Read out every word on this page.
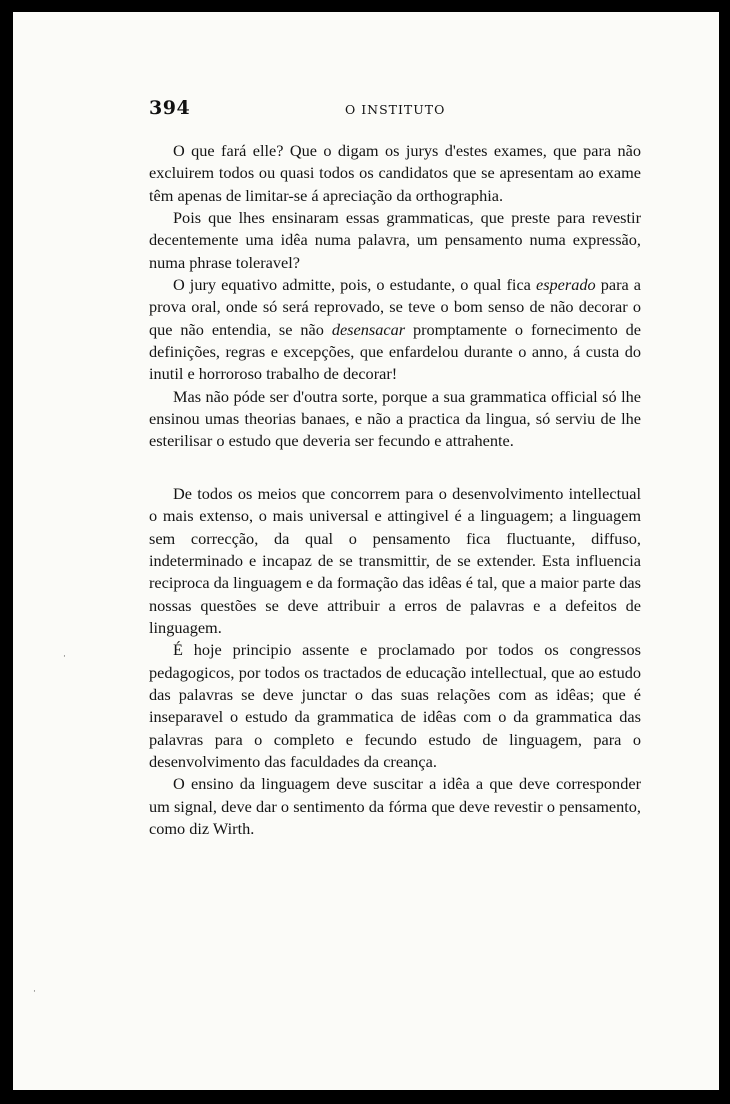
394	O INSTITUTO

O que fará elle? Que o digam os jurys d'estes exames, que para não excluirem todos ou quasi todos os candidatos que se apresentam ao exame têm apenas de limitar-se á apreciação da orthographia.

Pois que lhes ensinaram essas grammaticas, que preste para revestir decentemente uma idêa numa palavra, um pensamento numa expressão, numa phrase toleravel?

O jury equativo admitte, pois, o estudante, o qual fica esperado para a prova oral, onde só será reprovado, se teve o bom senso de não decorar o que não entendia, se não desensacar promptamente o fornecimento de definições, regras e excepções, que enfardelou durante o anno, á custa do inutil e horroroso trabalho de decorar!

Mas não póde ser d'outra sorte, porque a sua grammatica official só lhe ensinou umas theorias banaes, e não a practica da lingua, só serviu de lhe esterilisar o estudo que deveria ser fecundo e attrahente.

De todos os meios que concorrem para o desenvolvimento intellectual o mais extenso, o mais universal e attingivel é a linguagem; a linguagem sem correcção, da qual o pensamento fica fluctuante, diffuso, indeterminado e incapaz de se transmittir, de se extender. Esta influencia reciproca da linguagem e da formação das idêas é tal, que a maior parte das nossas questões se deve attribuir a erros de palavras e a defeitos de linguagem.

É hoje principio assente e proclamado por todos os congressos pedagogicos, por todos os tractados de educação intellectual, que ao estudo das palavras se deve junctar o das suas relações com as idêas; que é inseparavel o estudo da grammatica de idêas com o da grammatica das palavras para o completo e fecundo estudo de linguagem, para o desenvolvimento das faculdades da creança.

O ensino da linguagem deve suscitar a idêa a que deve corresponder um signal, deve dar o sentimento da fórma que deve revestir o pensamento, como diz Wirth.

·
·
